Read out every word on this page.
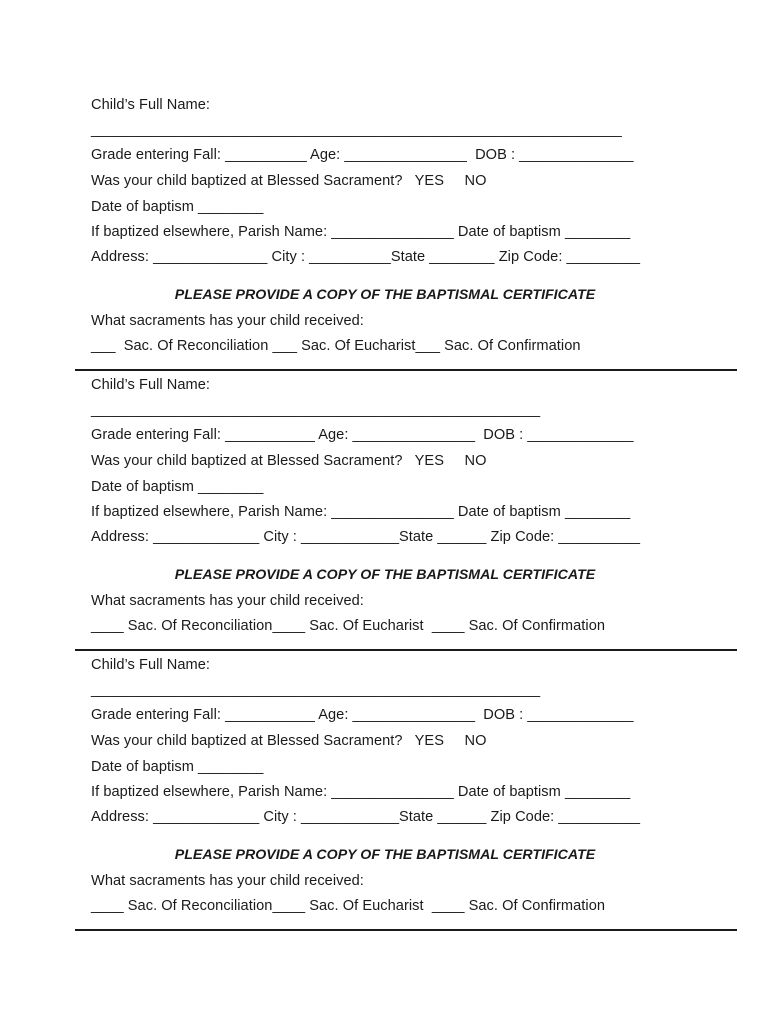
Child’s Full Name:
_________________________________________________________________
Grade entering Fall: __________ Age: _______________  DOB : ______________
Was your child baptized at Blessed Sacrament?   YES     NO
Date of baptism ________
If baptized elsewhere, Parish Name: _______________ Date of baptism ________
Address: ______________ City : __________State ________ Zip Code: _________
PLEASE PROVIDE A COPY OF THE BAPTISMAL CERTIFICATE
What sacraments has your child received:
___  Sac. Of Reconciliation ___ Sac. Of Eucharist___ Sac. Of Confirmation
Child’s Full Name:
_______________________________________________________
Grade entering Fall: ___________ Age: _______________  DOB : _____________
Was your child baptized at Blessed Sacrament?   YES     NO
Date of baptism ________
If baptized elsewhere, Parish Name: _______________ Date of baptism ________
Address: _____________ City : ____________State ______ Zip Code: __________
PLEASE PROVIDE A COPY OF THE BAPTISMAL CERTIFICATE
What sacraments has your child received:
____ Sac. Of Reconciliation____ Sac. Of Eucharist  ____ Sac. Of Confirmation
Child’s Full Name:
_______________________________________________________
Grade entering Fall: ___________ Age: _______________  DOB : _____________
Was your child baptized at Blessed Sacrament?   YES     NO
Date of baptism ________
If baptized elsewhere, Parish Name: _______________ Date of baptism ________
Address: _____________ City : ____________State ______ Zip Code: __________
PLEASE PROVIDE A COPY OF THE BAPTISMAL CERTIFICATE
What sacraments has your child received:
____ Sac. Of Reconciliation____ Sac. Of Eucharist  ____ Sac. Of Confirmation
